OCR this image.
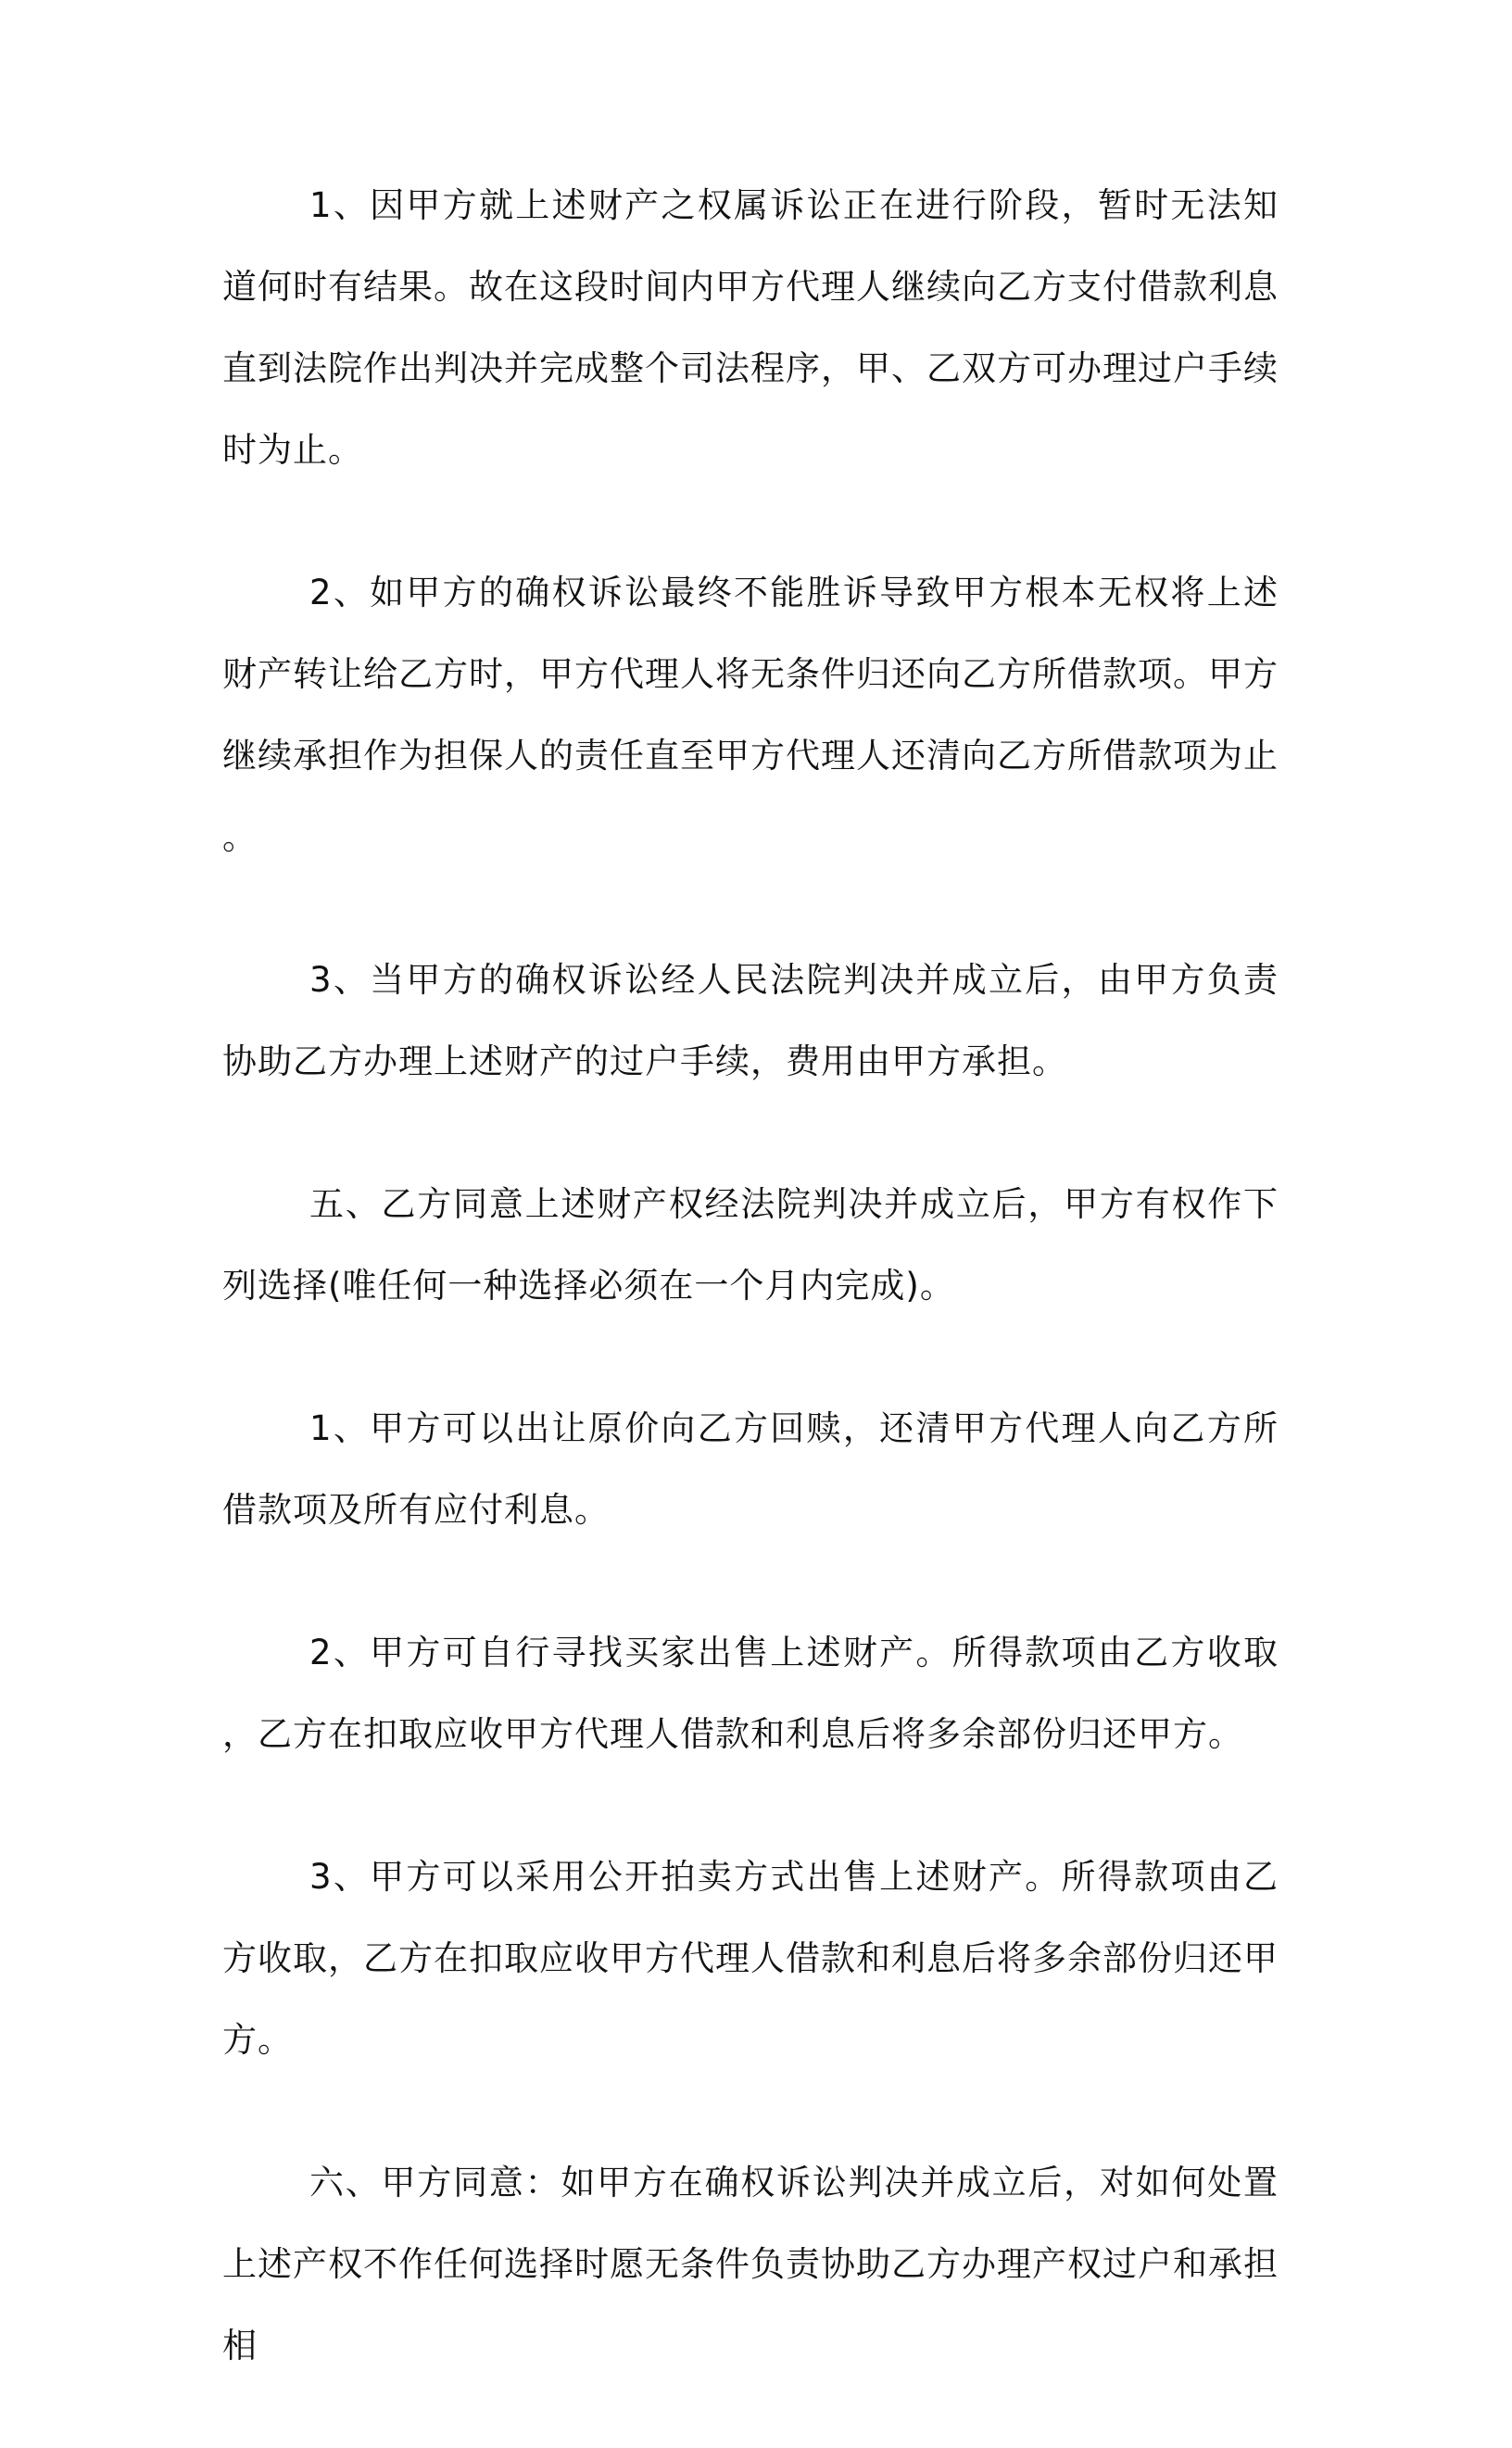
1、因甲方就上述财产之权属诉讼正在进行阶段，暂时无法知道何时有结果。故在这段时间内甲方代理人继续向乙方支付借款利息直到法院作出判决并完成整个司法程序，甲、乙双方可办理过户手续时为止。

2、如甲方的确权诉讼最终不能胜诉导致甲方根本无权将上述财产转让给乙方时，甲方代理人将无条件归还向乙方所借款项。甲方继续承担作为担保人的责任直至甲方代理人还清向乙方所借款项为止。

3、当甲方的确权诉讼经人民法院判决并成立后，由甲方负责协助乙方办理上述财产的过户手续，费用由甲方承担。

五、乙方同意上述财产权经法院判决并成立后，甲方有权作下列选择(唯任何一种选择必须在一个月内完成)。

1、甲方可以出让原价向乙方回赎，还清甲方代理人向乙方所借款项及所有应付利息。

2、甲方可自行寻找买家出售上述财产。所得款项由乙方收取，乙方在扣取应收甲方代理人借款和利息后将多余部份归还甲方。

3、甲方可以采用公开拍卖方式出售上述财产。所得款项由乙方收取，乙方在扣取应收甲方代理人借款和利息后将多余部份归还甲方。

六、甲方同意：如甲方在确权诉讼判决并成立后，对如何处置上述产权不作任何选择时愿无条件负责协助乙方办理产权过户和承担相
